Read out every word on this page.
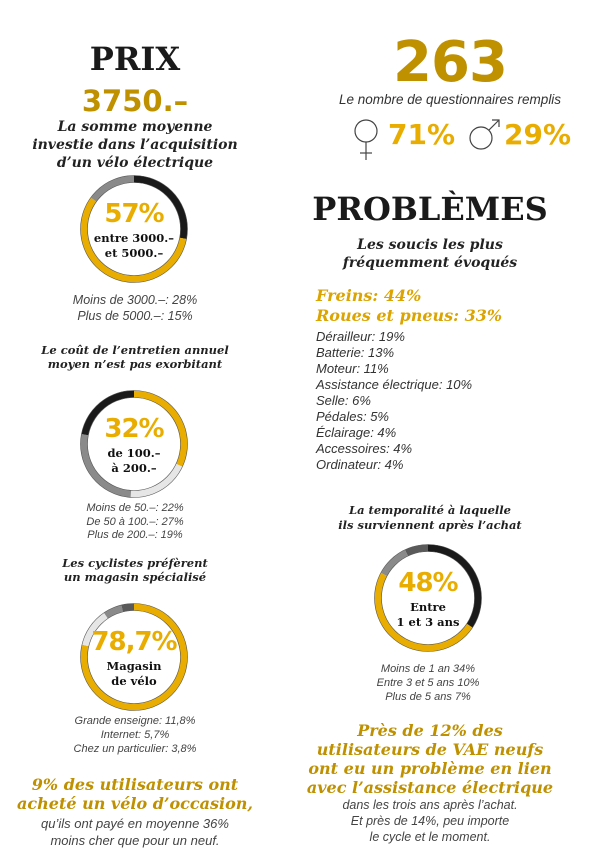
PRIX
3750.–
La somme moyenne
investie dans l’acquisition
d’un vélo électrique
57%
entre 3000.–
et 5000.–
Moins de 3000.–: 28%
Plus de 5000.–: 15%
Le coût de l’entretien annuel
moyen n’est pas exorbitant
32%
de 100.–
à 200.–
Moins de 50.–: 22%
De 50 à 100.–: 27%
Plus de 200.–: 19%
Les cyclistes préfèrent
un magasin spécialisé
78,7%
Magasin
de vélo
Grande enseigne: 11,8%
Internet: 5,7%
Chez un particulier: 3,8%
9% des utilisateurs ont
acheté un vélo d’occasion,
qu’ils ont payé en moyenne 36%
moins cher que pour un neuf.
263
Le nombre de questionnaires remplis
71% 29%
PROBLÈMES
Les soucis les plus
fréquemment évoqués
Freins: 44%
Roues et pneus: 33%
Dérailleur: 19%
Batterie: 13%
Moteur: 11%
Assistance électrique: 10%
Selle: 6%
Pédales: 5%
Éclairage: 4%
Accessoires: 4%
Ordinateur: 4%
La temporalité à laquelle
ils surviennent après l’achat
48%
Entre
1 et 3 ans
Moins de 1 an 34%
Entre 3 et 5 ans 10%
Plus de 5 ans 7%
Près de 12% des
utilisateurs de VAE neufs
ont eu un problème en lien
avec l’assistance électrique
dans les trois ans après l’achat.
Et près de 14%, peu importe
le cycle et le moment.
